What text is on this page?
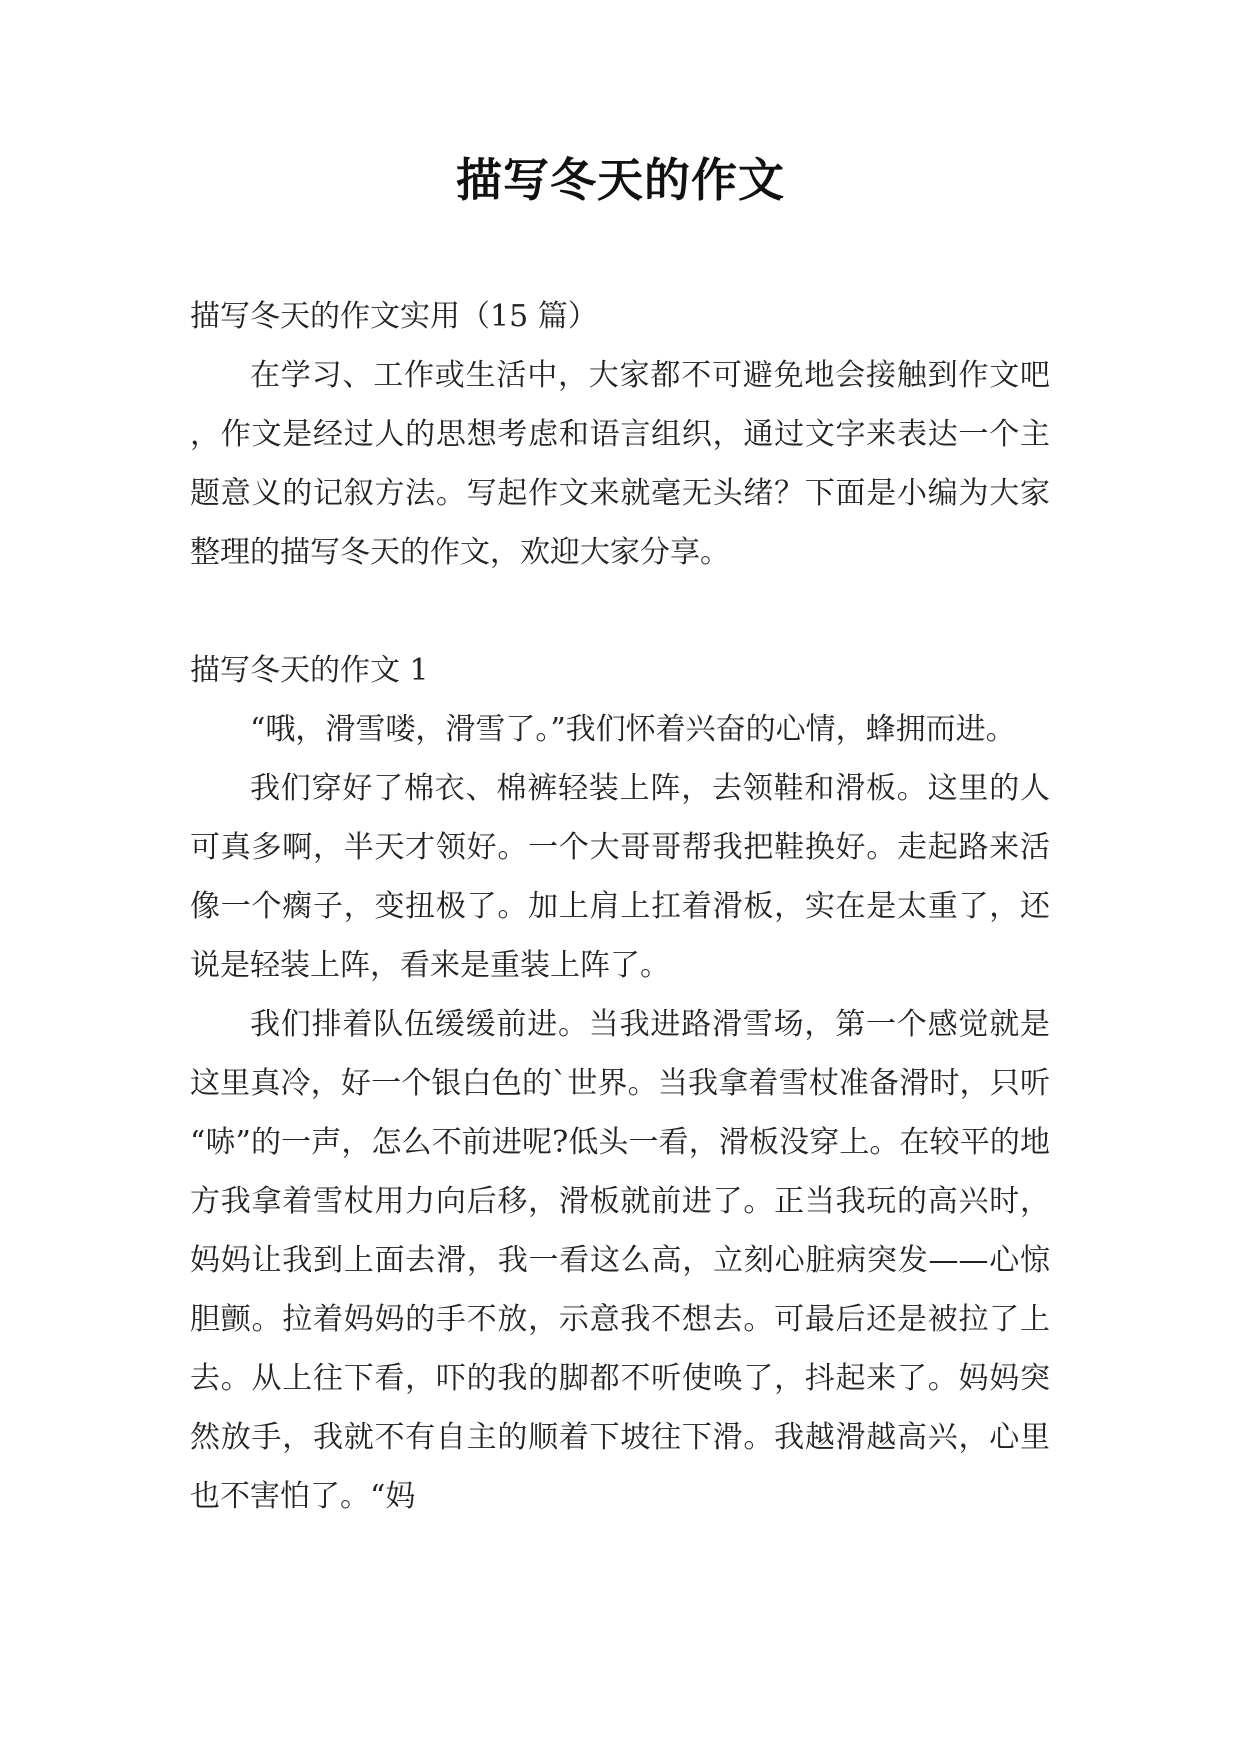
描写冬天的作文

描写冬天的作文实用（15 篇）

在学习、工作或生活中，大家都不可避免地会接触到作文吧，作文是经过人的思想考虑和语言组织，通过文字来表达一个主题意义的记叙方法。写起作文来就毫无头绪？下面是小编为大家整理的描写冬天的作文，欢迎大家分享。

描写冬天的作文 1

“哦，滑雪喽，滑雪了。”我们怀着兴奋的心情，蜂拥而进。

我们穿好了棉衣、棉裤轻装上阵，去领鞋和滑板。这里的人可真多啊，半天才领好。一个大哥哥帮我把鞋换好。走起路来活像一个瘸子，变扭极了。加上肩上扛着滑板，实在是太重了，还说是轻装上阵，看来是重装上阵了。

我们排着队伍缓缓前进。当我进路滑雪场，第一个感觉就是这里真冷，好一个银白色的`世界。当我拿着雪杖准备滑时，只听“哧”的一声，怎么不前进呢?低头一看，滑板没穿上。在较平的地方我拿着雪杖用力向后移，滑板就前进了。正当我玩的高兴时，妈妈让我到上面去滑，我一看这么高，立刻心脏病突发——心惊胆颤。拉着妈妈的手不放，示意我不想去。可最后还是被拉了上去。从上往下看，吓的我的脚都不听使唤了，抖起来了。妈妈突然放手，我就不有自主的顺着下坡往下滑。我越滑越高兴，心里也不害怕了。“妈
